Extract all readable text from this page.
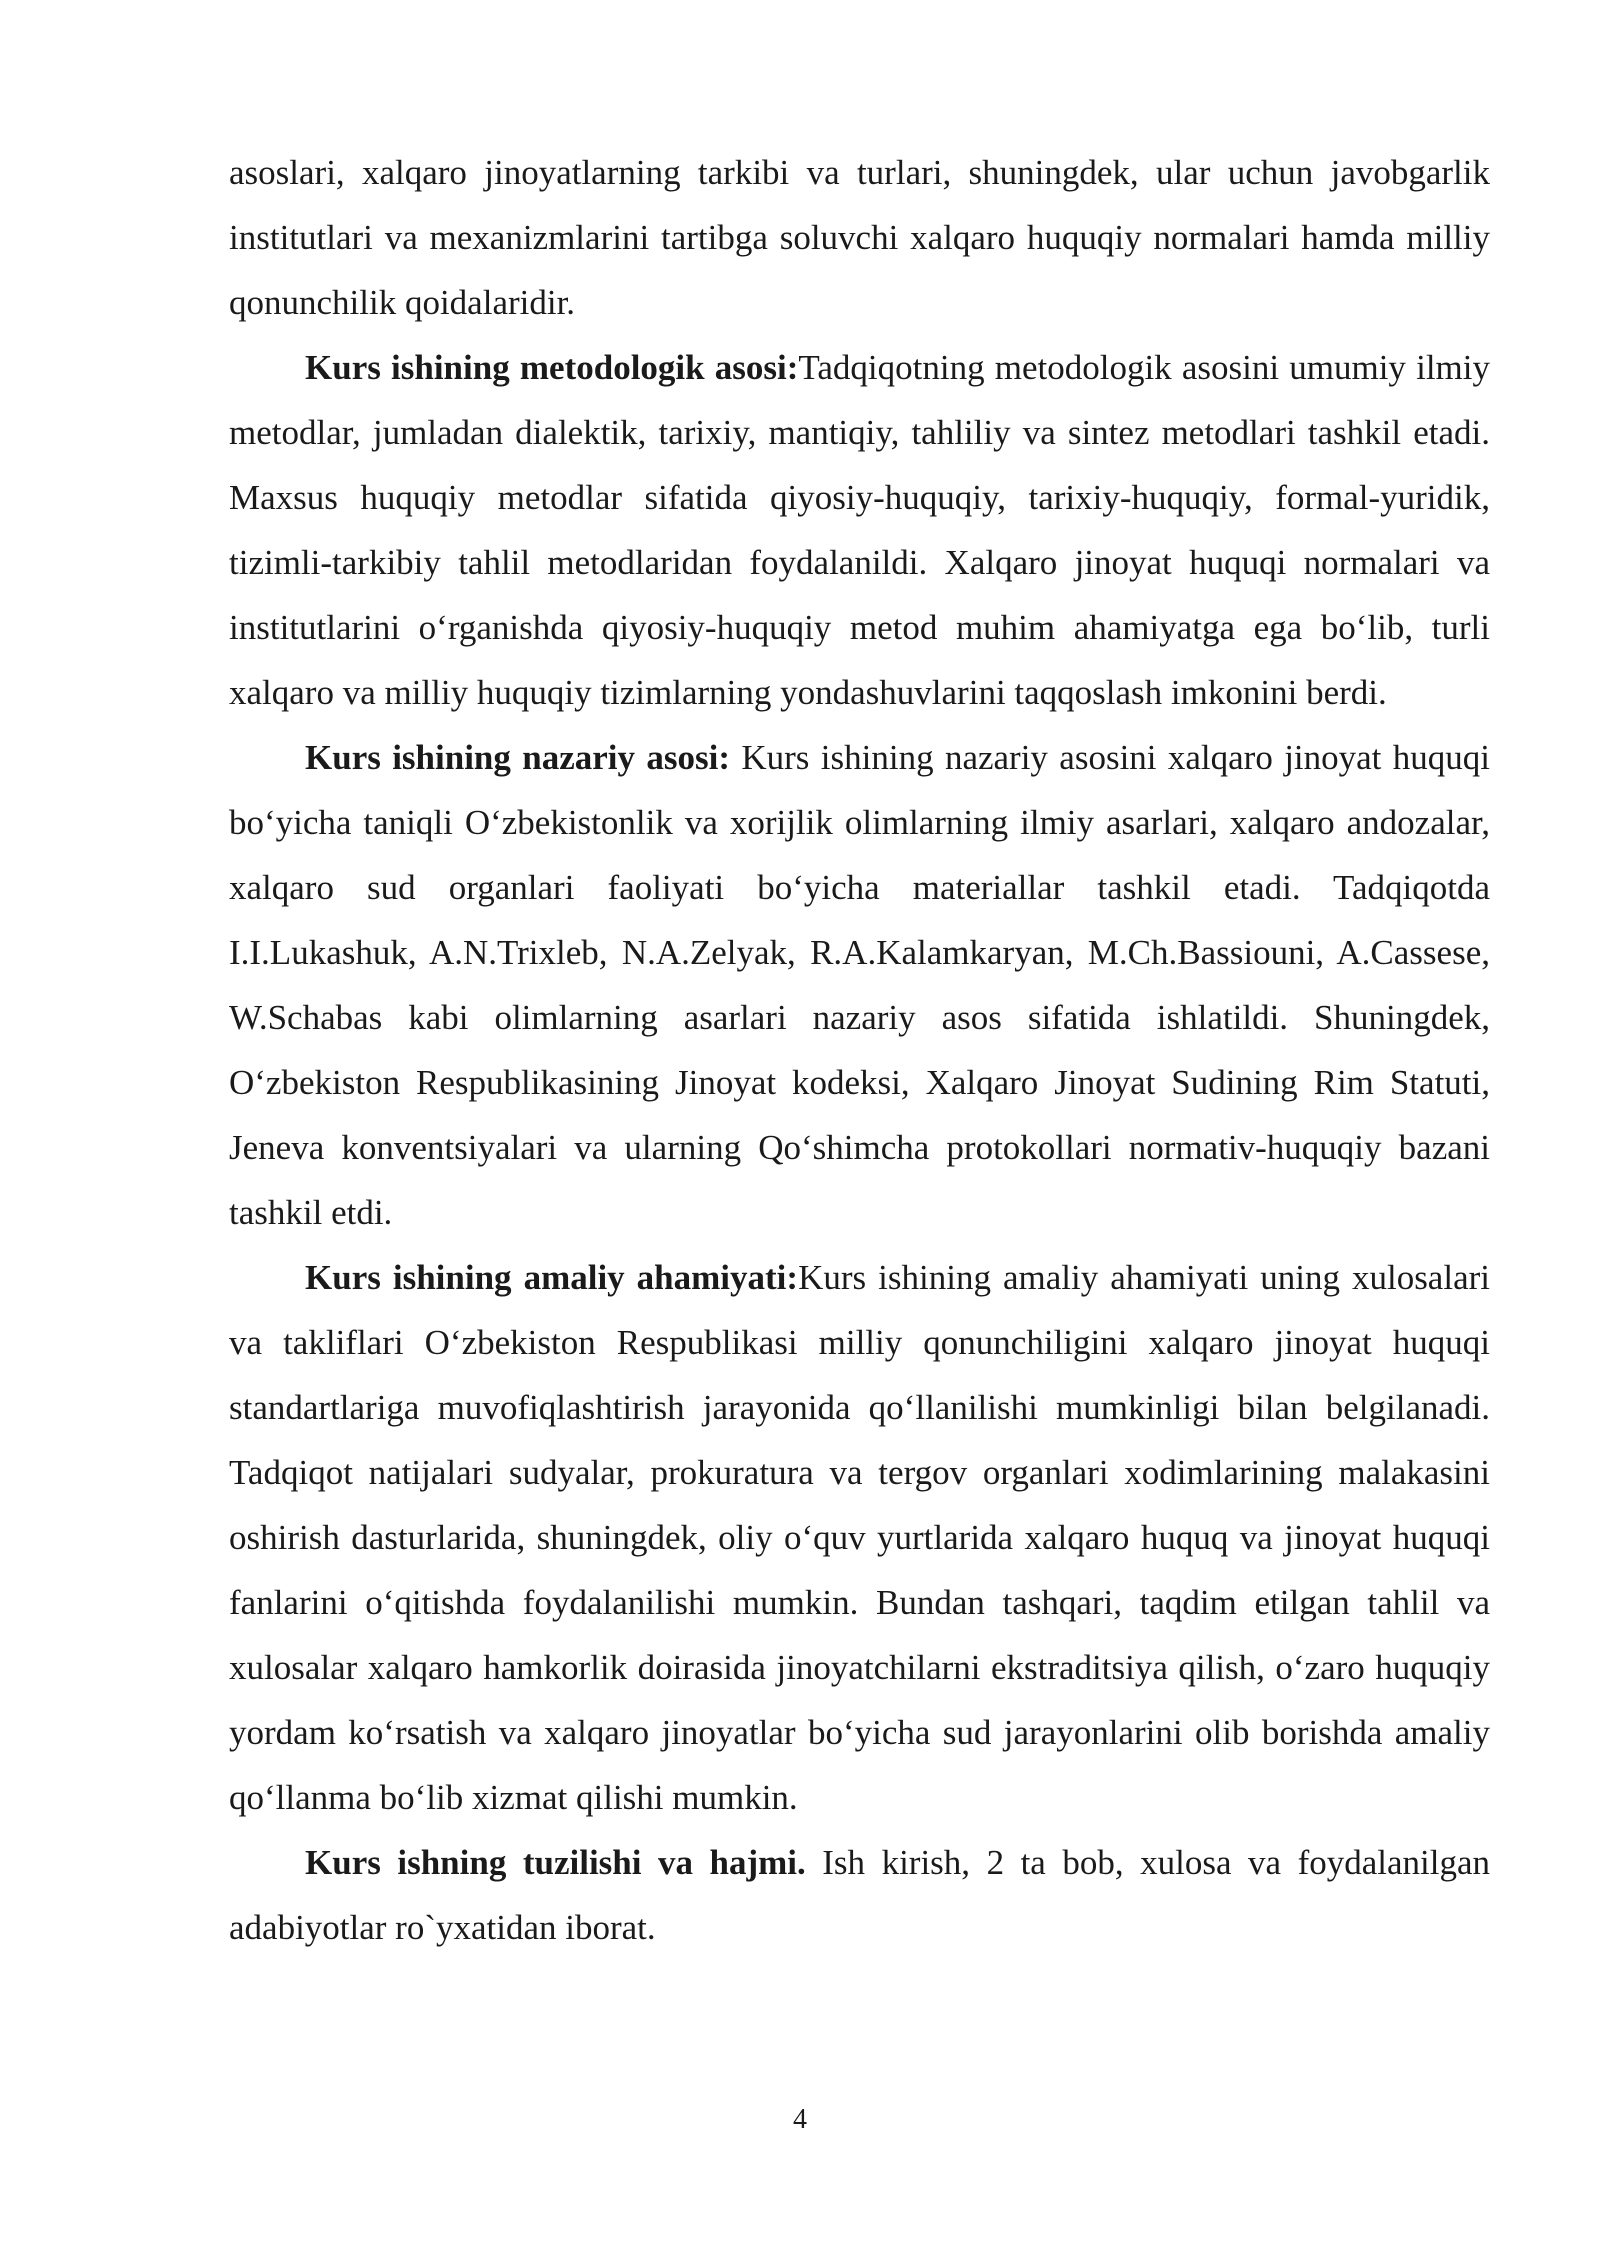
asoslari, xalqaro jinoyatlarning tarkibi va turlari, shuningdek, ular uchun javobgarlik institutlari va mexanizmlarini tartibga soluvchi xalqaro huquqiy normalari hamda milliy qonunchilik qoidalaridir.

Kurs ishining metodologik asosi:Tadqiqotning metodologik asosini umumiy ilmiy metodlar, jumladan dialektik, tarixiy, mantiqiy, tahliliy va sintez metodlari tashkil etadi. Maxsus huquqiy metodlar sifatida qiyosiy-huquqiy, tarixiy-huquqiy, formal-yuridik, tizimli-tarkibiy tahlil metodlaridan foydalanildi. Xalqaro jinoyat huquqi normalari va institutlarini o‘rganishda qiyosiy-huquqiy metod muhim ahamiyatga ega bo‘lib, turli xalqaro va milliy huquqiy tizimlarning yondashuvlarini taqqoslash imkonini berdi.

Kurs ishining nazariy asosi: Kurs ishining nazariy asosini xalqaro jinoyat huquqi bo‘yicha taniqli O‘zbekistonlik va xorijlik olimlarning ilmiy asarlari, xalqaro andozalar, xalqaro sud organlari faoliyati bo‘yicha materiallar tashkil etadi. Tadqiqotda I.I.Lukashuk, A.N.Trixleb, N.A.Zelyak, R.A.Kalamkaryan, M.Ch.Bassiouni, A.Cassese, W.Schabas kabi olimlarning asarlari nazariy asos sifatida ishlatildi. Shuningdek, O‘zbekiston Respublikasining Jinoyat kodeksi, Xalqaro Jinoyat Sudining Rim Statuti, Jeneva konventsiyalari va ularning Qo‘shimcha protokollari normativ-huquqiy bazani tashkil etdi.

Kurs ishining amaliy ahamiyati:Kurs ishining amaliy ahamiyati uning xulosalari va takliflari O‘zbekiston Respublikasi milliy qonunchiligini xalqaro jinoyat huquqi standartlariga muvofiqlashtirish jarayonida qo‘llanilishi mumkinligi bilan belgilanadi. Tadqiqot natijalari sudyalar, prokuratura va tergov organlari xodimlarining malakasini oshirish dasturlarida, shuningdek, oliy o‘quv yurtlarida xalqaro huquq va jinoyat huquqi fanlarini o‘qitishda foydalanilishi mumkin. Bundan tashqari, taqdim etilgan tahlil va xulosalar xalqaro hamkorlik doirasida jinoyatchilarni ekstraditsiya qilish, o‘zaro huquqiy yordam ko‘rsatish va xalqaro jinoyatlar bo‘yicha sud jarayonlarini olib borishda amaliy qo‘llanma bo‘lib xizmat qilishi mumkin.

Kurs ishning tuzilishi va hajmi. Ish kirish, 2 ta bob, xulosa va foydalanilgan adabiyotlar ro`yxatidan iborat.

4
